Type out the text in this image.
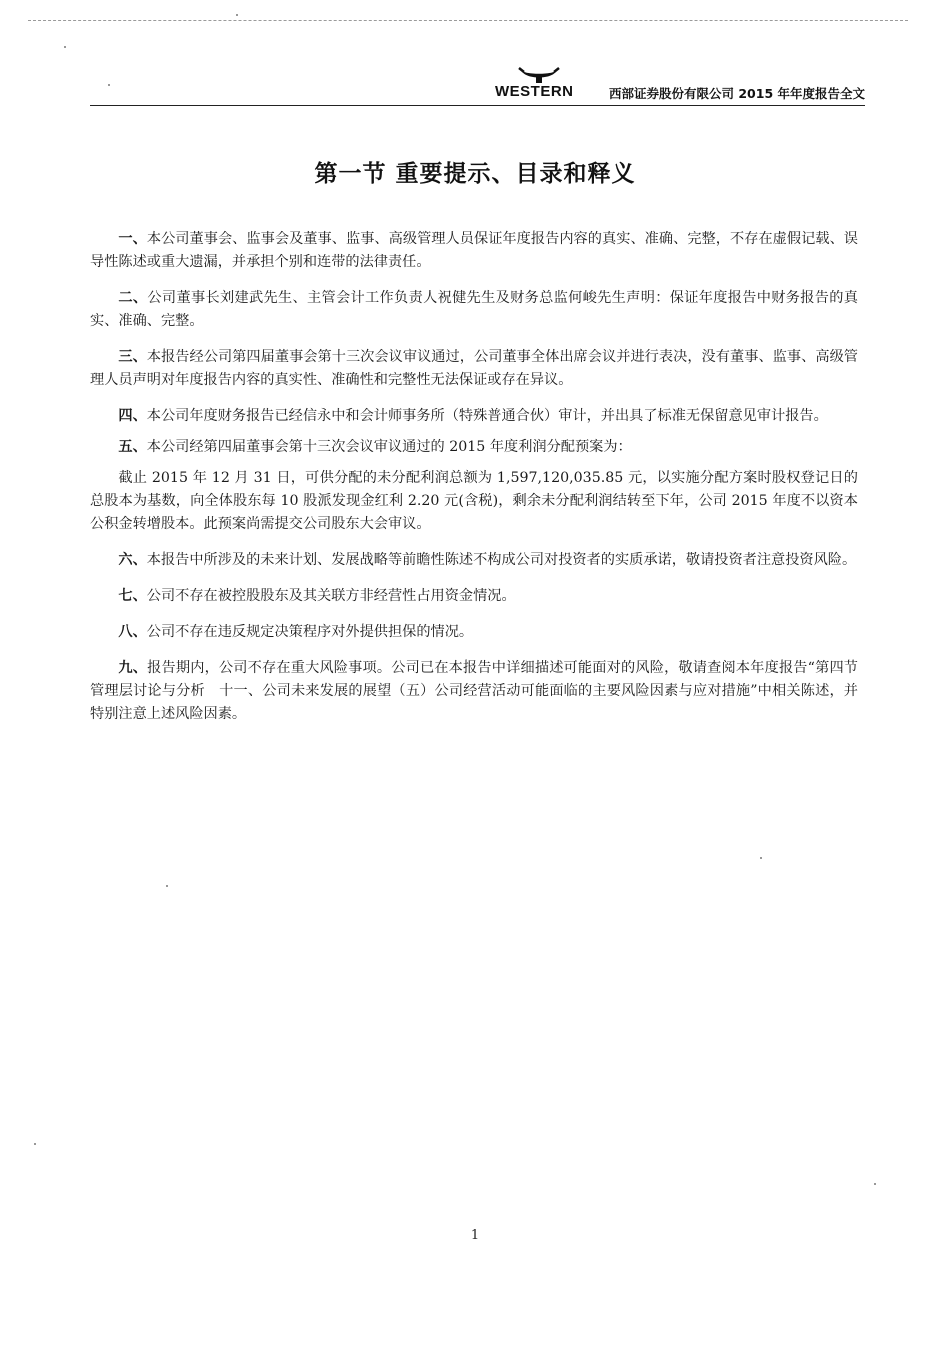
WESTERN	西部证券股份有限公司 2015 年年度报告全文
第一节 重要提示、目录和释义

一、本公司董事会、监事会及董事、监事、高级管理人员保证年度报告内容的真实、准确、完整，不存在虚假记载、误导性陈述或重大遗漏，并承担个别和连带的法律责任。

二、公司董事长刘建武先生、主管会计工作负责人祝健先生及财务总监何峻先生声明：保证年度报告中财务报告的真实、准确、完整。

三、本报告经公司第四届董事会第十三次会议审议通过，公司董事全体出席会议并进行表决，没有董事、监事、高级管理人员声明对年度报告内容的真实性、准确性和完整性无法保证或存在异议。

四、本公司年度财务报告已经信永中和会计师事务所（特殊普通合伙）审计，并出具了标准无保留意见审计报告。

五、本公司经第四届董事会第十三次会议审议通过的 2015 年度利润分配预案为：

截止 2015 年 12 月 31 日，可供分配的未分配利润总额为 1,597,120,035.85 元，以实施分配方案时股权登记日的总股本为基数，向全体股东每 10 股派发现金红利 2.20 元(含税)，剩余未分配利润结转至下年，公司 2015 年度不以资本公积金转增股本。此预案尚需提交公司股东大会审议。

六、本报告中所涉及的未来计划、发展战略等前瞻性陈述不构成公司对投资者的实质承诺，敬请投资者注意投资风险。

七、公司不存在被控股股东及其关联方非经营性占用资金情况。

八、公司不存在违反规定决策程序对外提供担保的情况。

九、报告期内，公司不存在重大风险事项。公司已在本报告中详细描述可能面对的风险，敬请查阅本年度报告“第四节管理层讨论与分析　十一、公司未来发展的展望（五）公司经营活动可能面临的主要风险因素与应对措施”中相关陈述，并特别注意上述风险因素。

1
